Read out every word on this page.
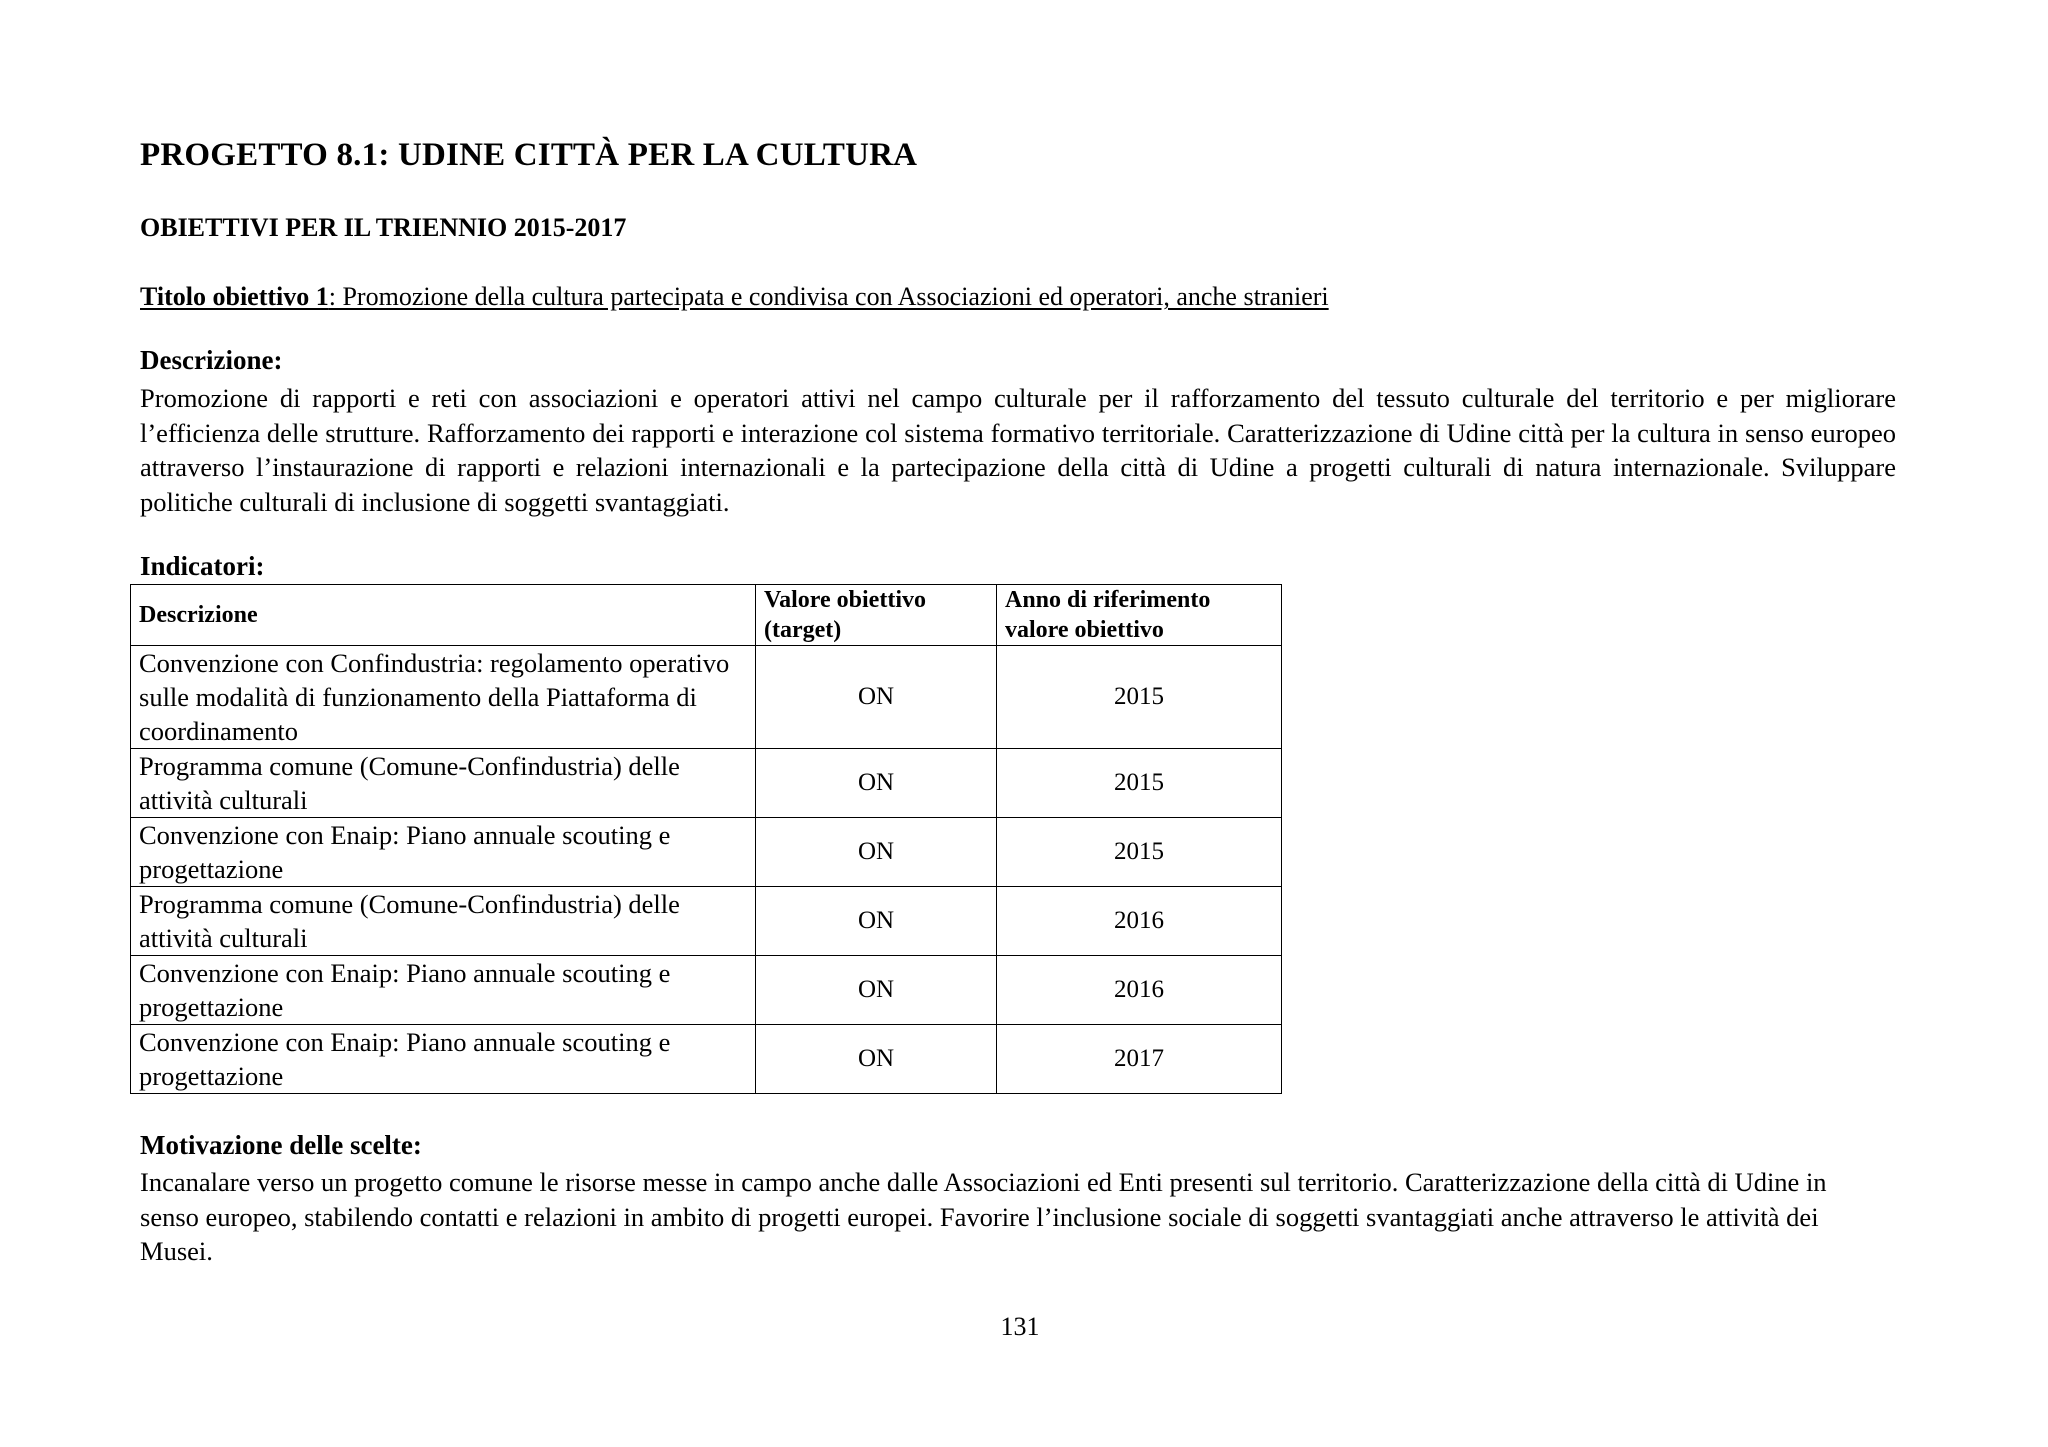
PROGETTO 8.1: UDINE CITTÀ PER LA CULTURA
OBIETTIVI PER IL TRIENNIO 2015-2017
Titolo obiettivo 1: Promozione della cultura partecipata e condivisa con Associazioni ed operatori, anche stranieri
Descrizione:
Promozione di rapporti e reti con associazioni e operatori attivi nel campo culturale per il rafforzamento del tessuto culturale del territorio e per migliorare l’efficienza delle strutture. Rafforzamento dei rapporti e interazione col sistema formativo territoriale. Caratterizzazione di Udine città per la cultura in senso europeo attraverso l’instaurazione di rapporti e relazioni internazionali e la partecipazione della città di Udine a progetti culturali di natura internazionale. Sviluppare politiche culturali di inclusione di soggetti svantaggiati.
Indicatori:
Descrizione	Valore obiettivo (target)	Anno di riferimento valore obiettivo
Convenzione con Confindustria: regolamento operativo sulle modalità di funzionamento della Piattaforma di coordinamento	ON	2015
Programma comune (Comune-Confindustria) delle attività culturali	ON	2015
Convenzione con Enaip: Piano annuale scouting e progettazione	ON	2015
Programma comune (Comune-Confindustria) delle attività culturali	ON	2016
Convenzione con Enaip: Piano annuale scouting e progettazione	ON	2016
Convenzione con Enaip: Piano annuale scouting e progettazione	ON	2017
Motivazione delle scelte:
Incanalare verso un progetto comune le risorse messe in campo anche dalle Associazioni ed Enti presenti sul territorio. Caratterizzazione della città di Udine in senso europeo, stabilendo contatti e relazioni in ambito di progetti europei. Favorire l’inclusione sociale di soggetti svantaggiati anche attraverso le attività dei Musei.
131
